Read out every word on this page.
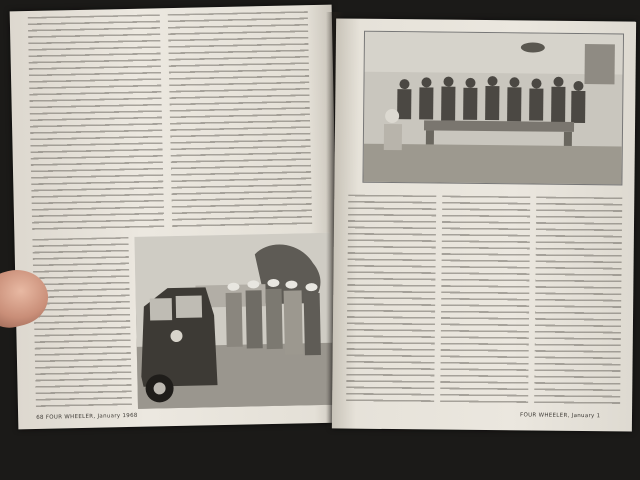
68 FOUR WHEELER, January 1968	FOUR WHEELER, January 1
